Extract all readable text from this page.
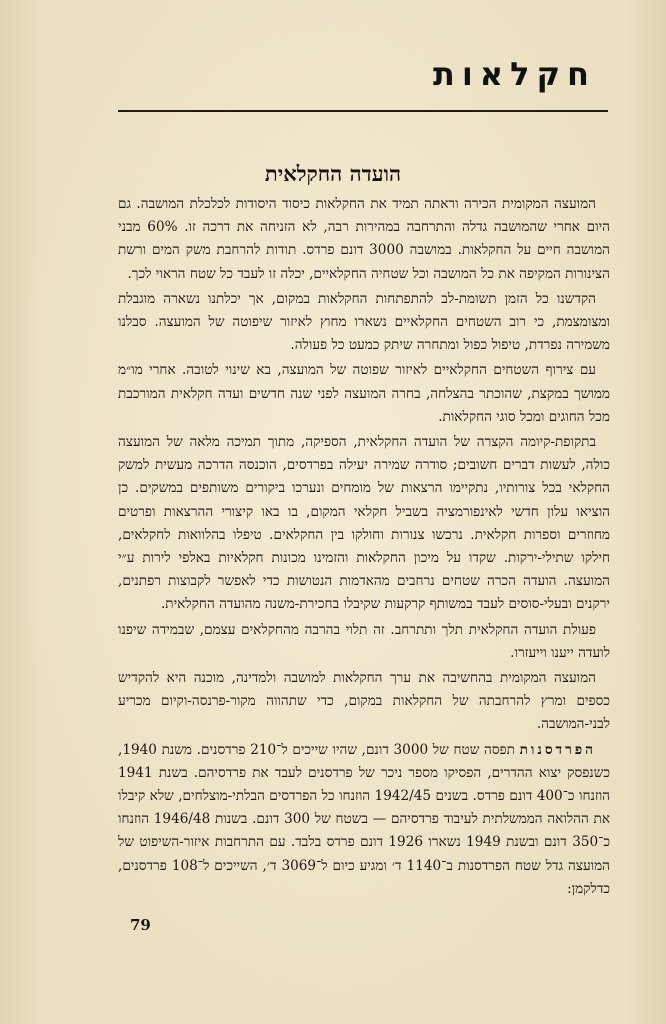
חקלאות
הועדה החקלאית

המועצה המקומית הכירה וראתה תמיד את החקלאות כיסוד היסודות לכלכלת המושבה. גם היום אחרי שהמושבה גדלה והתרחבה במהירות רבה, לא הזניחה את דרכה זו. 60% מבני המושבה חיים על החקלאות. במושבה 3000 דונם פרדס. תודות להרחבת משק המים ורשת הצינורות המקיפה את כל המושבה וכל שטחיה החקלאיים, יכלה זו לעבד כל שטח הראוי לכך.

הקדשנו כל הזמן תשומת-לב להתפתחות החקלאות במקום, אך יכלתנו נשארה מוגבלת ומצומצמת, כי רוב השטחים החקלאיים נשארו מחוץ לאיזור שיפוטה של המועצה. סבלנו משמירה נפרדת, טיפול כפול ומתחרה שיתק כמעט כל פעולה.

עם צירוף השטחים החקלאיים לאיזור שפוטה של המועצה, בא שינוי לטובה. אחרי מו״מ ממושך במקצת, שהוכתר בהצלחה, בחרה המועצה לפני שנה חדשים ועדה חקלאית המורכבת מכל החוגים ומכל סוגי החקלאות.

בתקופת-קיומה הקצרה של הועדה החקלאית, הספיקה, מתוך תמיכה מלאה של המועצה כולה, לעשות דברים חשובים; סודרה שמירה יעילה בפרדסים, הוכנסה הדרכה מעשית למשק החקלאי בכל צורותיו, נתקיימו הרצאות של מומחים ונערכו ביקורים משותפים במשקים. כן הוציאו עלון חדשי לאינפורמציה בשביל חקלאי המקום, בו באו קיצורי ההרצאות ופרטים מחוזרים וספרות חקלאית. נרכשו צנורות וחולקו בין החקלאים. טיפלו בהלוואות לחקלאים, חילקו שתילי-ירקות. שקדו על מיכון החקלאות והזמינו מכונות חקלאיות באלפי לירות ע״י המועצה. הועדה הכרה שטחים נרחבים מהאדמות הנטושות כדי לאפשר לקבוצות רפתנים, ירקנים ובעלי-סוסים לעבד במשותף קרקעות שקיבלו בחכירת-משנה מהועדה החקלאית.

פעולת הועדה החקלאית תלך ותתרחב. זה תלוי בהרבה מהחקלאים עצמם, שבמידה שיפנו לועדה ייענו וייעזרו.

המועצה המקומית בהחשיבה את ערך החקלאות למושבה ולמדינה, מוכנה היא להקדיש כספים ומרץ להרחבתה של החקלאות במקום, כדי שתהווה מקור-פרנסה-וקיום מכריע לבני-המושבה.

הפרדסנות תפסה שטח של 3000 דונם, שהיו שייכים ל־210 פרדסנים. משנת 1940, כשנפסק יצוא ההדרים, הפסיקו מספר ניכר של פרדסנים לעבד את פרדסיהם. בשנת 1941 הוזנחו כ־400 דונם פרדס. בשנים 1942/45 הוזנחו כל הפרדסים הבלתי-מוצלחים, שלא קיבלו את ההלואה הממשלתית לעיבוד פרדסיהם — בשטח של 300 דונם. בשנות 1946/48 הוזנחו כ־350 דונם ובשנת 1949 נשארו 1926 דונם פרדס בלבד. עם התרחבות איזור-השיפוט של המועצה גדל שטח הפרדסנות ב־1140 ד׳ ומגיע כיום ל־3069 ד׳, השייכים ל־108 פרדסנים, כדלקמן:

79
